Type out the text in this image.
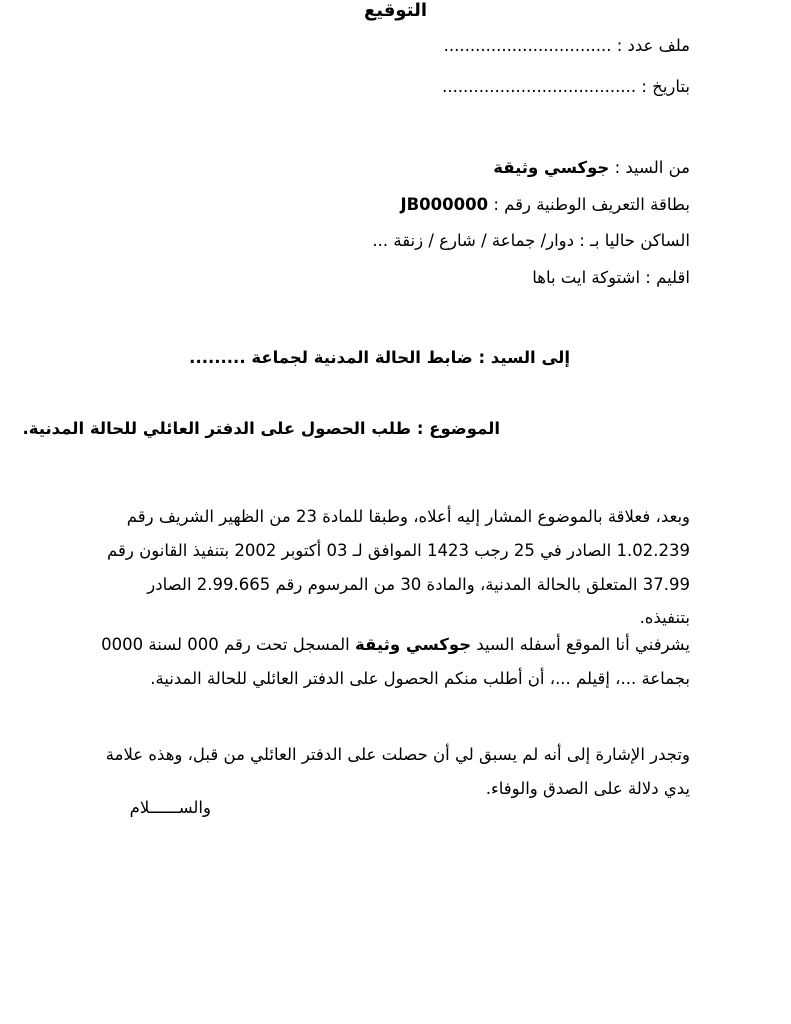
ملف عدد : ................................
بتاريخ : .....................................
من السيد : جوكسي وثيقة
بطاقة التعريف الوطنية رقم : JB000000
الساكن حاليا بـ : دوار/ جماعة / شارع / زنقة ...
اقليم : اشتوكة ايت باها
إلى السيد : ضابط الحالة المدنية لجماعة .........
الموضوع : طلب الحصول على الدفتر العائلي للحالة المدنية.
وبعد، فعلاقة بالموضوع المشار إليه أعلاه، وطبقا للمادة 23 من الظهير الشريف رقم 1.02.239 الصادر في 25 رجب 1423 الموافق لـ 03 أكتوبر 2002 بتنفيذ القانون رقم 37.99 المتعلق بالحالة المدنية، والمادة 30 من المرسوم رقم 2.99.665 الصادر بتنفيذه.
يشرفني أنا الموقع أسفله السيد جوكسي وثيقة المسجل تحت رقم 000 لسنة 0000 بجماعة ...، إقيلم ...، أن أطلب منكم الحصول على الدفتر العائلي للحالة المدنية.
وتجدر الإشارة إلى أنه لم يسبق لي أن حصلت على الدفتر العائلي من قبل، وهذه علامة يدي دلالة على الصدق والوفاء.
والســــــلام
التوقيع
